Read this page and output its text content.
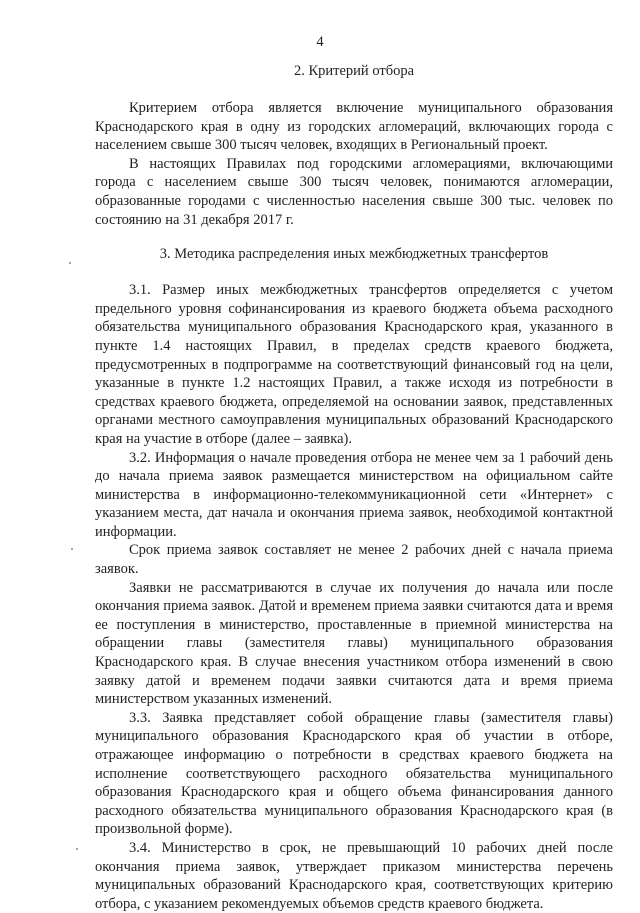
4
2. Критерий отбора

Критерием отбора является включение муниципального образования Краснодарского края в одну из городских агломераций, включающих города с населением свыше 300 тысяч человек, входящих в Региональный проект.

В настоящих Правилах под городскими агломерациями, включающими города с населением свыше 300 тысяч человек, понимаются агломерации, образованные городами с численностью населения свыше 300 тыс. человек по состоянию на 31 декабря 2017 г.

3. Методика распределения иных межбюджетных трансфертов

3.1. Размер иных межбюджетных трансфертов определяется с учетом предельного уровня софинансирования из краевого бюджета объема расходного обязательства муниципального образования Краснодарского края, указанного в пункте 1.4 настоящих Правил, в пределах средств краевого бюджета, предусмотренных в подпрограмме на соответствующий финансовый год на цели, указанные в пункте 1.2 настоящих Правил, а также исходя из потребности в средствах краевого бюджета, определяемой на основании заявок, представленных органами местного самоуправления муниципальных образований Краснодарского края на участие в отборе (далее – заявка).

3.2. Информация о начале проведения отбора не менее чем за 1 рабочий день до начала приема заявок размещается министерством на официальном сайте министерства в информационно-телекоммуникационной сети «Интернет» с указанием места, дат начала и окончания приема заявок, необходимой контактной информации.

Срок приема заявок составляет не менее 2 рабочих дней с начала приема заявок.

Заявки не рассматриваются в случае их получения до начала или после окончания приема заявок. Датой и временем приема заявки считаются дата и время ее поступления в министерство, проставленные в приемной министерства на обращении главы (заместителя главы) муниципального образования Краснодарского края. В случае внесения участником отбора изменений в свою заявку датой и временем подачи заявки считаются дата и время приема министерством указанных изменений.

3.3. Заявка представляет собой обращение главы (заместителя главы) муниципального образования Краснодарского края об участии в отборе, отражающее информацию о потребности в средствах краевого бюджета на исполнение соответствующего расходного обязательства муниципального образования Краснодарского края и общего объема финансирования данного расходного обязательства муниципального образования Краснодарского края (в произвольной форме).

3.4. Министерство в срок, не превышающий 10 рабочих дней после окончания приема заявок, утверждает приказом министерства перечень муниципальных образований Краснодарского края, соответствующих критерию отбора, с указанием рекомендуемых объемов средств краевого бюджета.
